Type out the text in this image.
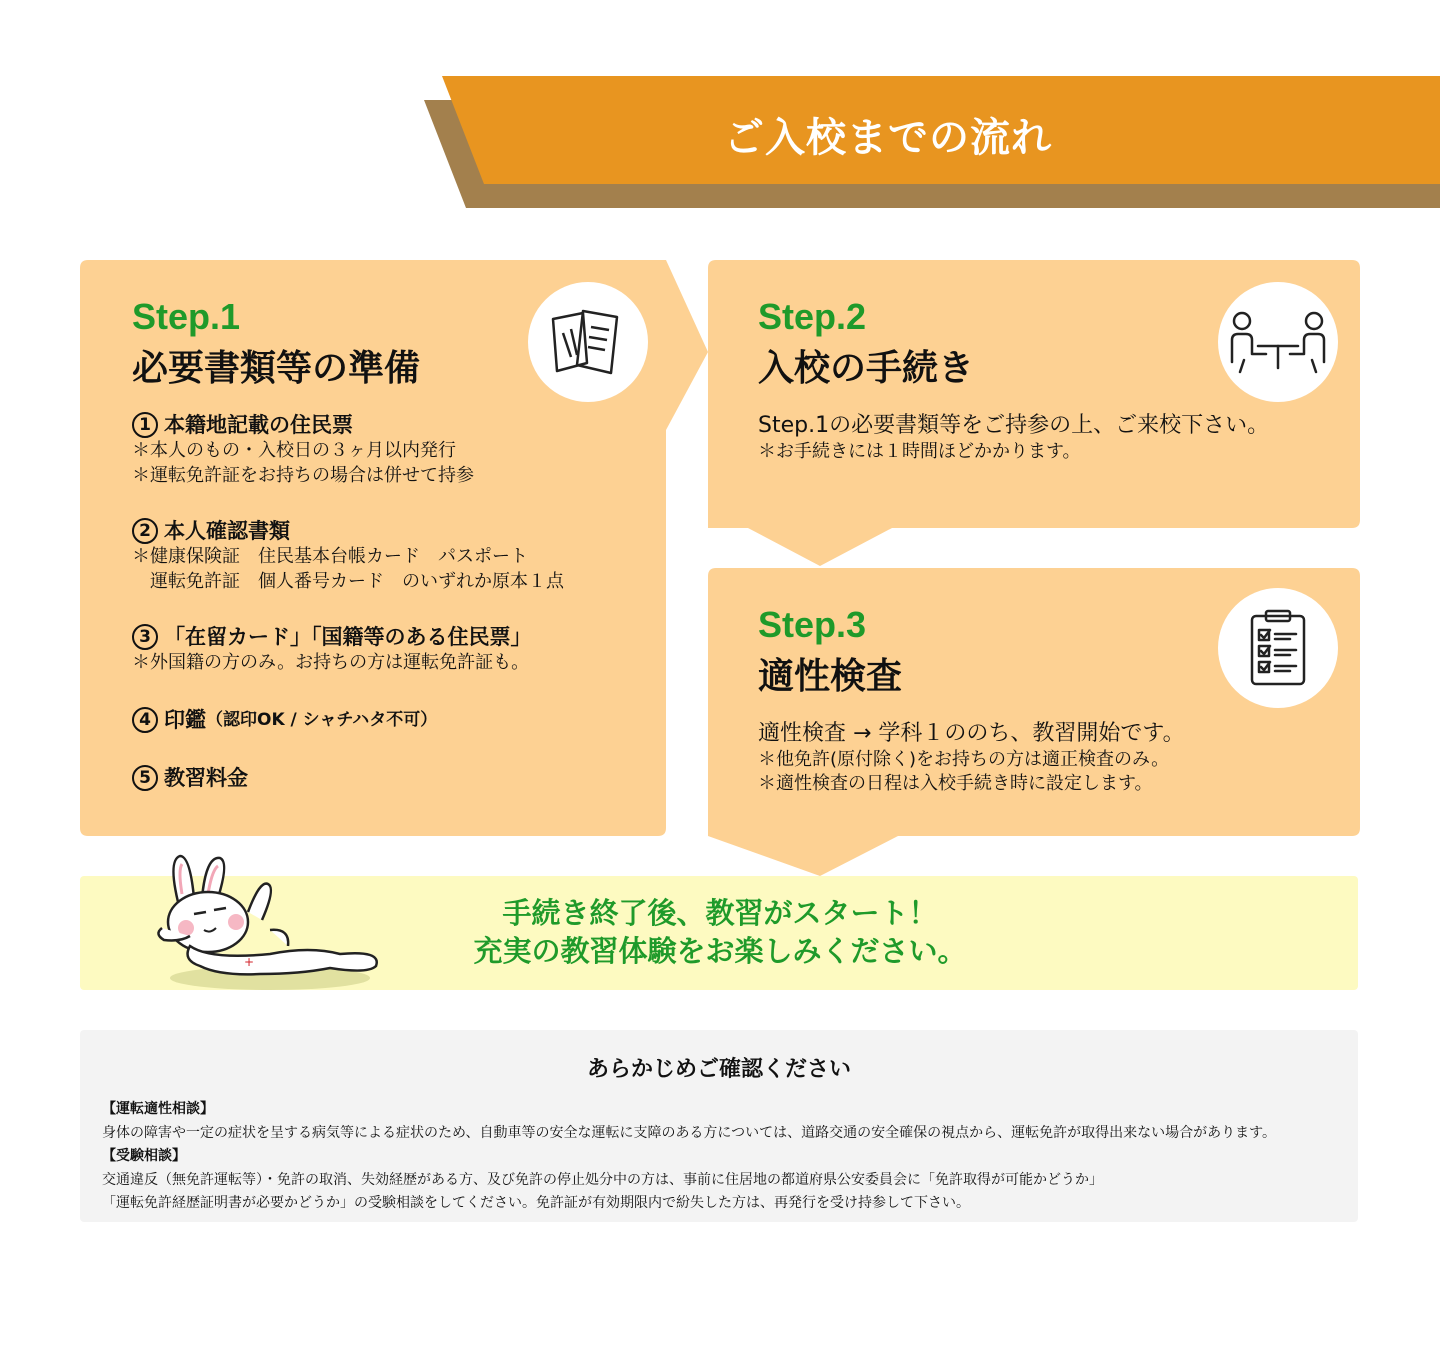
ご入校までの流れ
Step.1
必要書類等の準備
1 本籍地記載の住民票
＊本人のもの・入校日の３ヶ月以内発行
＊運転免許証をお持ちの場合は併せて持参
2 本人確認書類
＊健康保険証　住民基本台帳カード　パスポート
　運転免許証　個人番号カード　のいずれか原本１点
3 「在留カード」「国籍等のある住民票」
＊外国籍の方のみ。お持ちの方は運転免許証も。
4 印鑑 （認印OK / シャチハタ不可）
5 教習料金
Step.2
入校の手続き
Step.1の必要書類等をご持参の上、ご来校下さい。
＊お手続きには１時間ほどかかります。
Step.3
適性検査
適性検査 → 学科１ののち、教習開始です。
＊他免許(原付除く)をお持ちの方は適正検査のみ。
＊適性検査の日程は入校手続き時に設定します。
手続き終了後、教習がスタート！
充実の教習体験をお楽しみください。
+
あらかじめご確認ください
【運転適性相談】
身体の障害や一定の症状を呈する病気等による症状のため、自動車等の安全な運転に支障のある方については、道路交通の安全確保の視点から、運転免許が取得出来ない場合があります。
【受験相談】
交通違反（無免許運転等）・免許の取消、失効経歴がある方、及び免許の停止処分中の方は、事前に住居地の都道府県公安委員会に「免許取得が可能かどうか」
「運転免許経歴証明書が必要かどうか」の受験相談をしてください。免許証が有効期限内で紛失した方は、再発行を受け持参して下さい。
